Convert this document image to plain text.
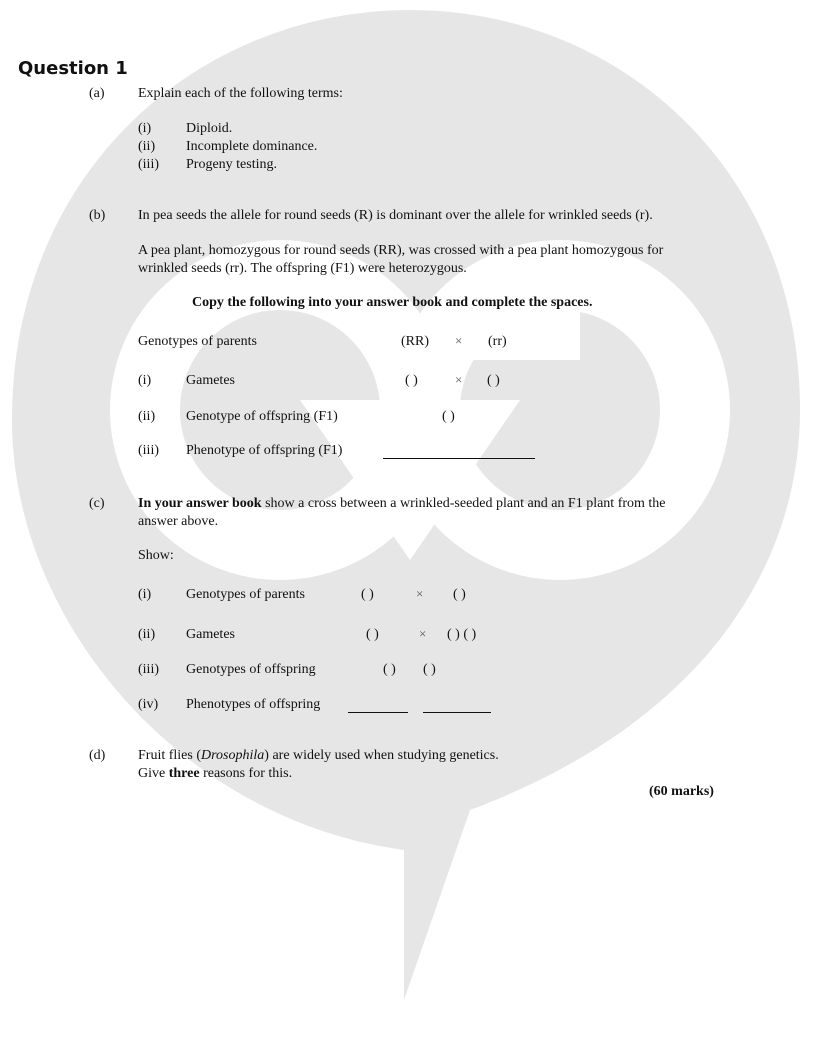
Question 1
(a) Explain each of the following terms:
(i) Diploid.
(ii) Incomplete dominance.
(iii) Progeny testing.
(b) In pea seeds the allele for round seeds (R) is dominant over the allele for wrinkled seeds (r).
A pea plant, homozygous for round seeds (RR), was crossed with a pea plant homozygous for
wrinkled seeds (rr). The offspring (F1) were heterozygous.
Copy the following into your answer book and complete the spaces.
Genotypes of parents	(RR) × (rr)
(i) Gametes	( )	× ( )
(ii) Genotype of offspring (F1)	( )
(iii) Phenotype of offspring (F1)
(c) In your answer book show a cross between a wrinkled-seeded plant and an F1 plant from the
answer above.
Show:
(i) Genotypes of parents	( )	× ( )
(ii) Gametes	( )	× ( ) ( )
(iii) Genotypes of offspring	( ) ( )
(iv) Phenotypes of offspring
(d) Fruit flies (Drosophila) are widely used when studying genetics.
Give three reasons for this.
(60 marks)
